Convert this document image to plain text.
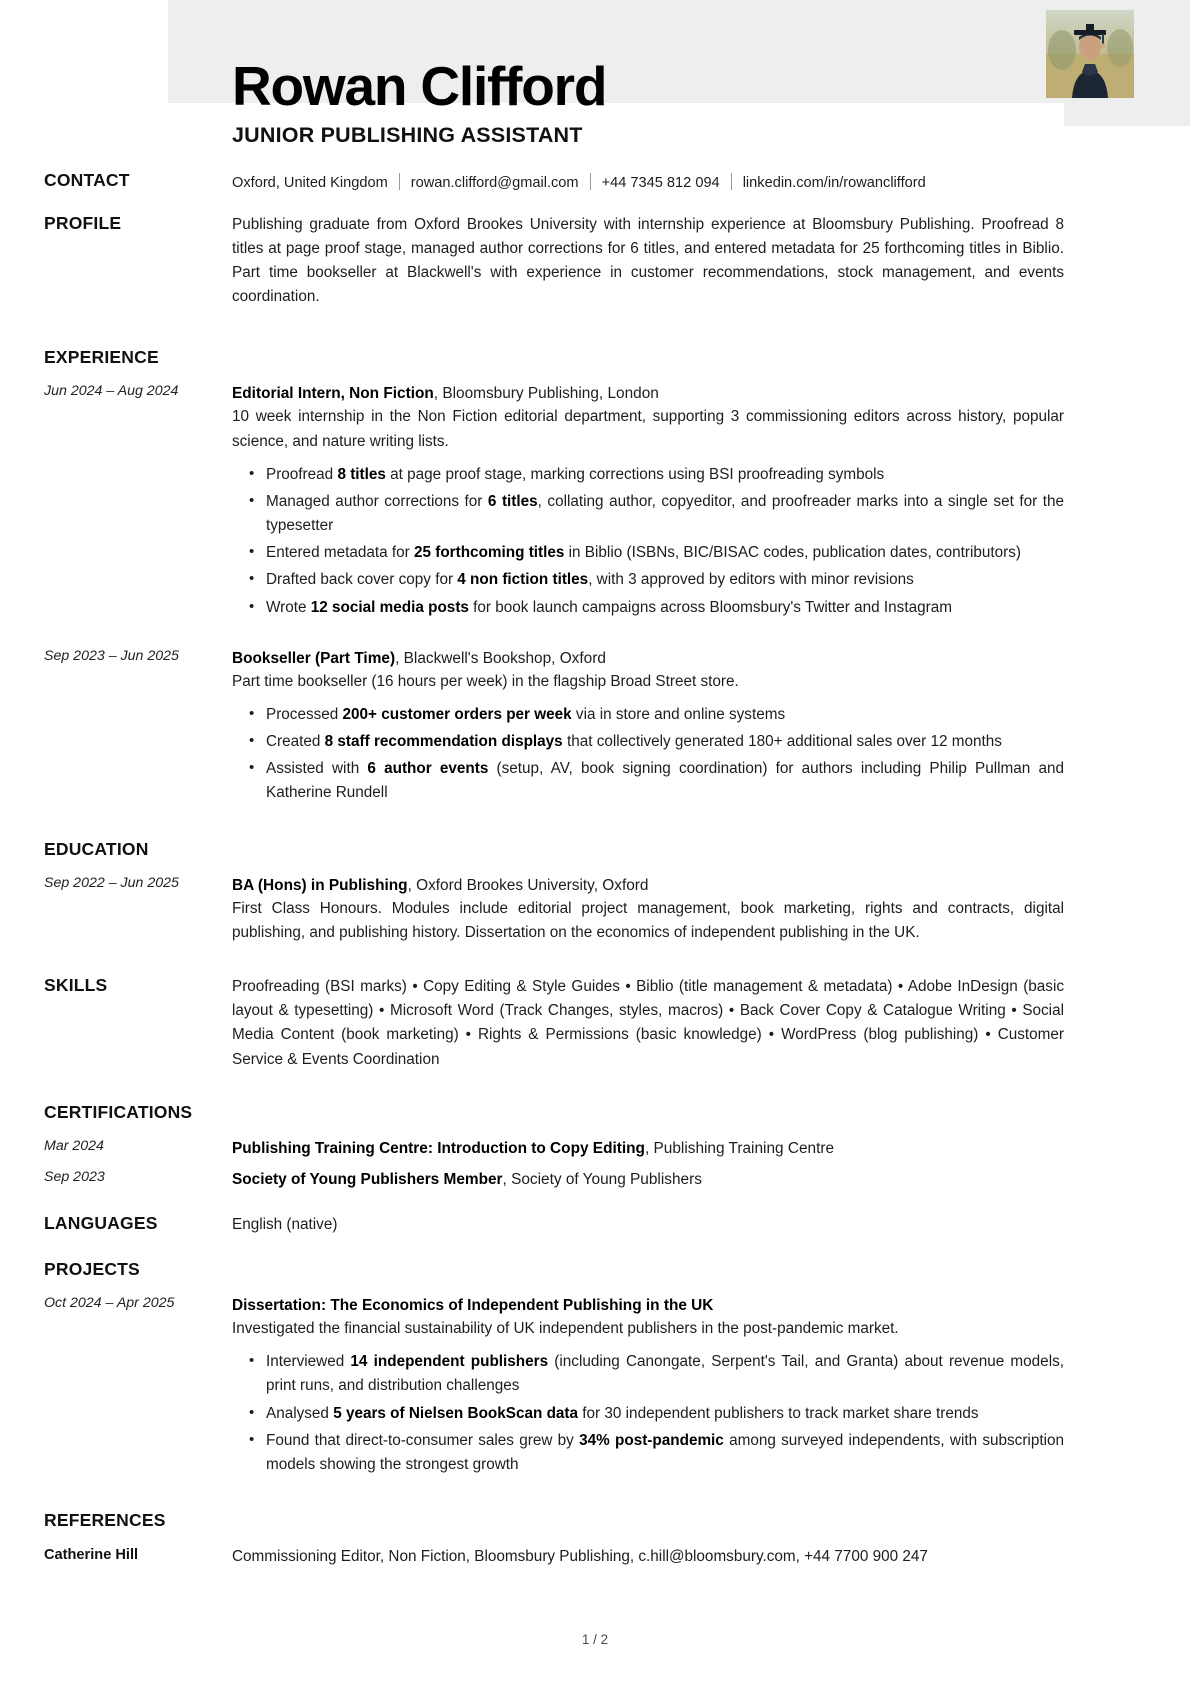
Rowan Clifford
JUNIOR PUBLISHING ASSISTANT
CONTACT	Oxford, United Kingdom rowan.clifford@gmail.com +44 7345 812 094 linkedin.com/in/rowanclifford
PROFILE	Publishing graduate from Oxford Brookes University with internship experience at Bloomsbury Publishing. Proofread 8 titles at page proof stage, managed author corrections for 6 titles, and entered metadata for 25 forthcoming titles in Biblio. Part time bookseller at Blackwell's with experience in customer recommendations, stock management, and events coordination.
EXPERIENCE
Jun 2024 – Aug 2024	Editorial Intern, Non Fiction, Bloomsbury Publishing, London
10 week internship in the Non Fiction editorial department, supporting 3 commissioning editors across history, popular science, and nature writing lists.
• Proofread 8 titles at page proof stage, marking corrections using BSI proofreading symbols
• Managed author corrections for 6 titles, collating author, copyeditor, and proofreader marks into a single set for the typesetter
• Entered metadata for 25 forthcoming titles in Biblio (ISBNs, BIC/BISAC codes, publication dates, contributors)
• Drafted back cover copy for 4 non fiction titles, with 3 approved by editors with minor revisions
• Wrote 12 social media posts for book launch campaigns across Bloomsbury's Twitter and Instagram
Sep 2023 – Jun 2025	Bookseller (Part Time), Blackwell's Bookshop, Oxford
Part time bookseller (16 hours per week) in the flagship Broad Street store.
• Processed 200+ customer orders per week via in store and online systems
• Created 8 staff recommendation displays that collectively generated 180+ additional sales over 12 months
• Assisted with 6 author events (setup, AV, book signing coordination) for authors including Philip Pullman and Katherine Rundell
EDUCATION
Sep 2022 – Jun 2025	BA (Hons) in Publishing, Oxford Brookes University, Oxford
First Class Honours. Modules include editorial project management, book marketing, rights and contracts, digital publishing, and publishing history. Dissertation on the economics of independent publishing in the UK.
SKILLS	Proofreading (BSI marks) • Copy Editing & Style Guides • Biblio (title management & metadata) • Adobe InDesign (basic layout & typesetting) • Microsoft Word (Track Changes, styles, macros) • Back Cover Copy & Catalogue Writing • Social Media Content (book marketing) • Rights & Permissions (basic knowledge) • WordPress (blog publishing) • Customer Service & Events Coordination
CERTIFICATIONS
Mar 2024	Publishing Training Centre: Introduction to Copy Editing, Publishing Training Centre
Sep 2023	Society of Young Publishers Member, Society of Young Publishers
LANGUAGES	English (native)
PROJECTS
Oct 2024 – Apr 2025	Dissertation: The Economics of Independent Publishing in the UK
Investigated the financial sustainability of UK independent publishers in the post-pandemic market.
• Interviewed 14 independent publishers (including Canongate, Serpent's Tail, and Granta) about revenue models, print runs, and distribution challenges
• Analysed 5 years of Nielsen BookScan data for 30 independent publishers to track market share trends
• Found that direct-to-consumer sales grew by 34% post-pandemic among surveyed independents, with subscription models showing the strongest growth
REFERENCES
Catherine Hill	Commissioning Editor, Non Fiction, Bloomsbury Publishing, c.hill@bloomsbury.com, +44 7700 900 247
1 / 2
